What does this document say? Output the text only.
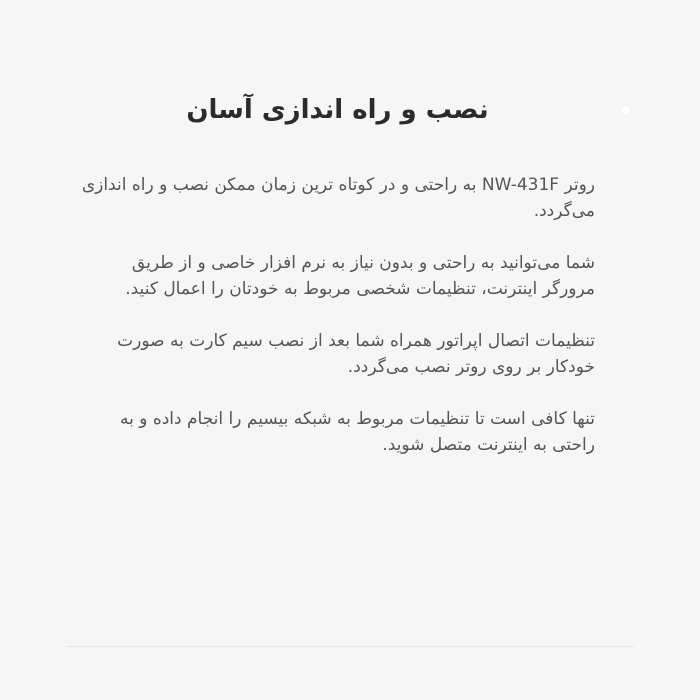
نصب و راه اندازی آسان

روتر NW-431F به راحتی و در کوتاه ترین زمان ممکن نصب و راه اندازی می‌گردد.

شما می‌توانید به راحتی و بدون نیاز به نرم افزار خاصی و از طریق مرورگر اینترنت، تنظیمات شخصی مربوط به خودتان را اعمال کنید.

تنظیمات اتصال اپراتور همراه شما بعد از نصب سیم کارت به صورت خودکار بر روی روتر نصب می‌گردد.

تنها کافی است تا تنظیمات مربوط به شبکه بیسیم را انجام داده و به راحتی به اینترنت متصل شوید.
